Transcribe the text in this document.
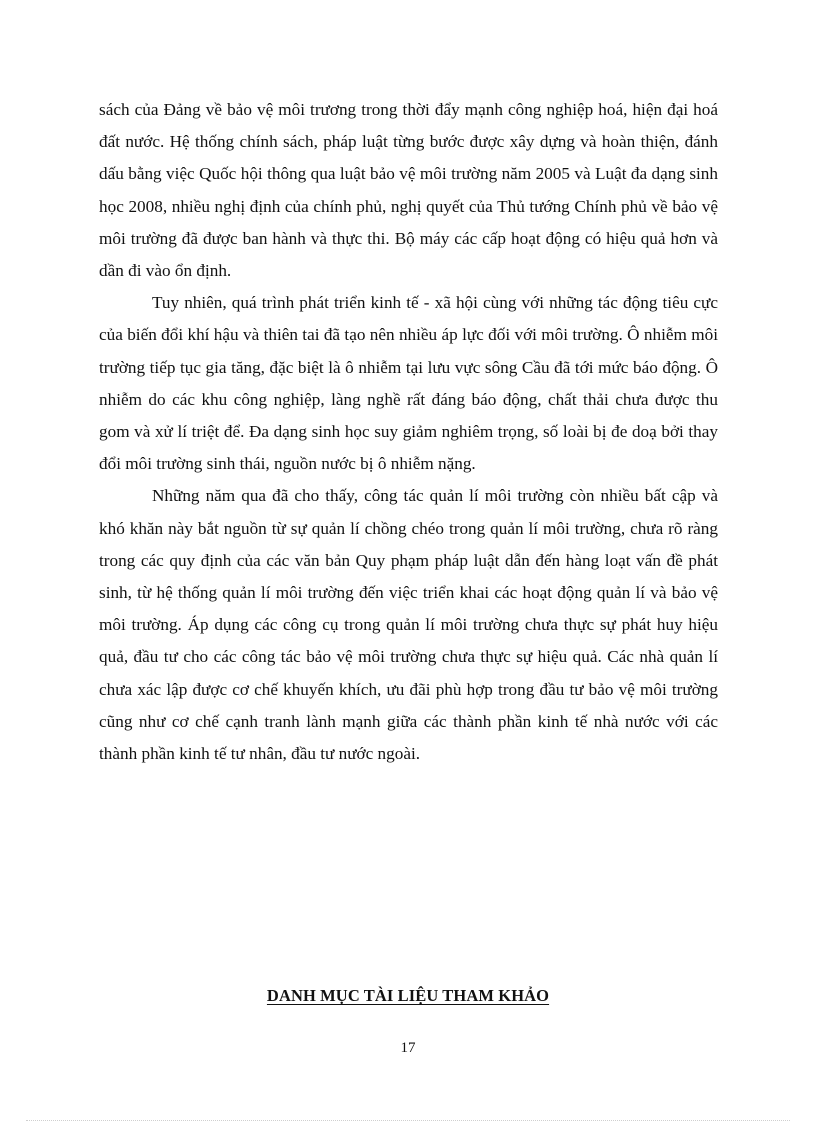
sách của Đảng về bảo vệ môi trương trong thời đẩy mạnh công nghiệp hoá, hiện đại hoá đất nước. Hệ thống chính sách, pháp luật từng bước được xây dựng và hoàn thiện, đánh dấu bằng việc Quốc hội thông qua luật bảo vệ môi trường năm 2005 và Luật đa dạng sinh học 2008, nhiều nghị định của chính phủ, nghị quyết của Thủ tướng Chính phủ về bảo vệ môi trường đã được ban hành và thực thi. Bộ máy các cấp hoạt động có hiệu quả hơn và dần đi vào ổn định.

Tuy nhiên, quá trình phát triển kinh tế - xã hội cùng với những tác động tiêu cực của biến đổi khí hậu và thiên tai đã tạo nên nhiều áp lực đối với môi trường. Ô nhiễm môi trường tiếp tục gia tăng, đặc biệt là ô nhiễm tại lưu vực sông Cầu đã tới mức báo động. Ô nhiễm do các khu công nghiệp, làng nghề rất đáng báo động, chất thải chưa được thu gom và xử lí triệt để. Đa dạng sinh học suy giảm nghiêm trọng, số loài bị đe doạ bởi thay đổi môi trường sinh thái, nguồn nước bị ô nhiễm nặng.

Những năm qua đã cho thấy, công tác quản lí môi trường còn nhiều bất cập và khó khăn này bắt nguồn từ sự quản lí chồng chéo trong quản lí môi trường, chưa rõ ràng trong các quy định của các văn bản Quy phạm pháp luật dẫn đến hàng loạt vấn đề phát sinh, từ hệ thống quản lí môi trường đến việc triển khai các hoạt động quản lí và bảo vệ môi trường. Áp dụng các công cụ trong quản lí môi trường chưa thực sự phát huy hiệu quả, đầu tư cho các công tác bảo vệ môi trường chưa thực sự hiệu quả. Các nhà quản lí chưa xác lập được cơ chế khuyến khích, ưu đãi phù hợp trong đầu tư bảo vệ môi trường cũng như cơ chế cạnh tranh lành mạnh giữa các thành phần kinh tế nhà nước với các thành phần kinh tế tư nhân, đầu tư nước ngoài.

DANH MỤC TÀI LIỆU THAM KHẢO
17
